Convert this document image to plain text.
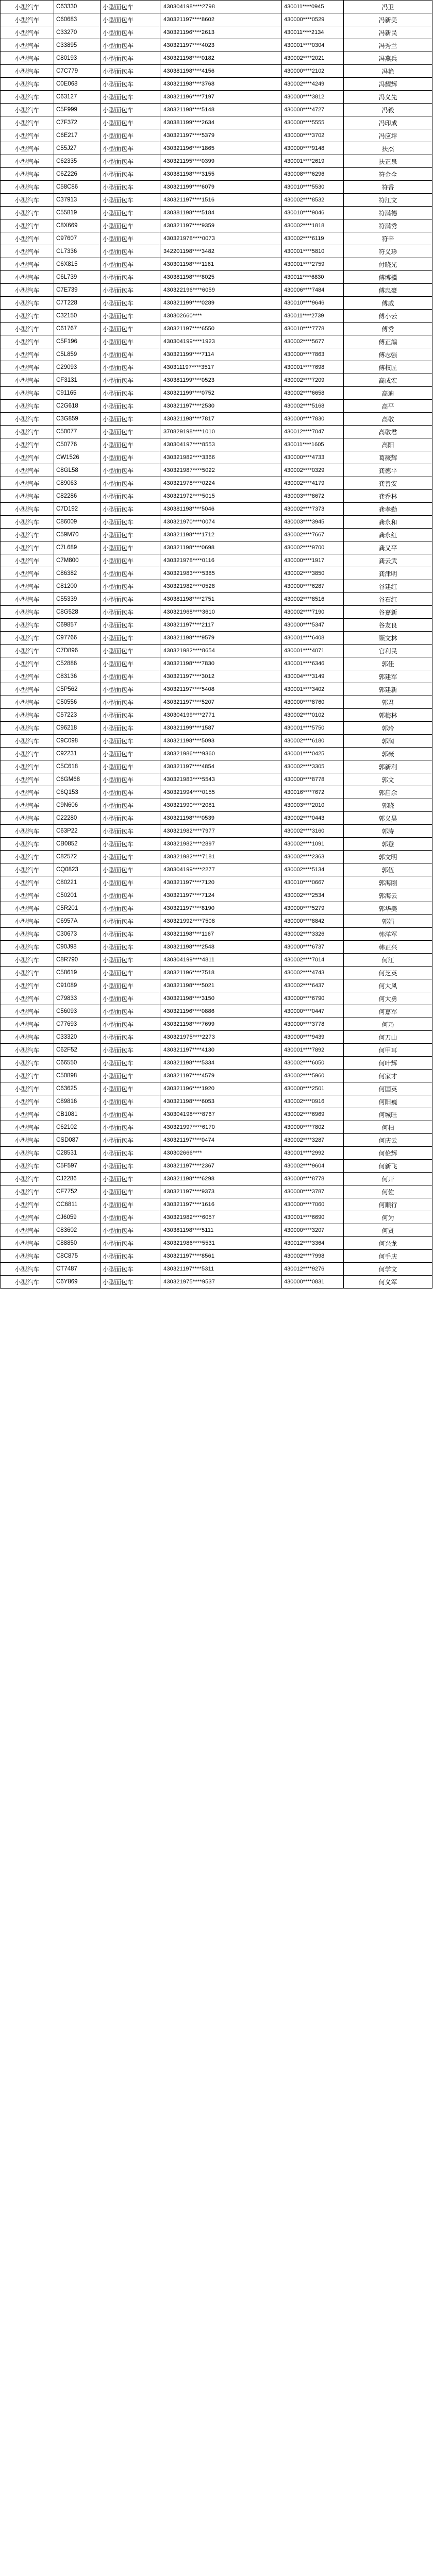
小型汽车	C63330	小型面包车	430304198****2798	430011****0945	冯卫
小型汽车	C60683	小型面包车	430321197****8602	430000****0529	冯新美
小型汽车	C33270	小型面包车	430321196****2613	430011****2134	冯新民
小型汽车	C33895	小型面包车	430321197****4023	430001****0304	冯秀兰
小型汽车	C80193	小型面包车	430321198****0182	430002****2021	冯燕兵
小型汽车	C7C779	小型面包车	430381198****4156	430000****2102	冯艳
小型汽车	C0E068	小型面包车	430321198****3768	430002****4249	冯耀辉
小型汽车	C63127	小型面包车	430321196****7197	430000****3812	冯义先
小型汽车	C5F999	小型面包车	430321198****5148	430000****4727	冯毅
小型汽车	C7F372	小型面包车	430381199****2634	430000****5555	冯印成
小型汽车	C6E217	小型面包车	430321197****5379	430000****3702	冯应坪
小型汽车	C55J27	小型面包车	430321196****1865	430000****9148	扶杰
小型汽车	C62335	小型面包车	430321195****0399	430001****2619	扶正泉
小型汽车	C6Z226	小型面包车	430381198****3155	430008****6296	符金全
小型汽车	C58C86	小型面包车	430321199****6079	430010****5530	符香
小型汽车	C37913	小型面包车	430321197****1516	430002****8532	符江文
小型汽车	C55819	小型面包车	430381198****5184	430010****9046	符满德
小型汽车	C8X669	小型面包车	430321197****9359	430002****1818	符满秀
小型汽车	C97607	小型面包车	430321978****0073	430002****6119	符辛
小型汽车	CL7336	小型面包车	342201198****3482	430001****5810	符义珍
小型汽车	C6X815	小型面包车	430301198****1161	430001****2759	付晓光
小型汽车	C6L739	小型面包车	430381198****8025	430011****6830	傅博骥
小型汽车	C7E739	小型面包车	430322196****6059	430006****7484	傅忠豪
小型汽车	C7T228	小型面包车	430321199****0289	430010****9646	傅威
小型汽车	C32150	小型面包车	430302660****	430011****2739	傅小云
小型汽车	C61767	小型面包车	430321197****6550	430010****7778	傅秀
小型汽车	C5F196	小型面包车	430304199****1923	430002****5677	傅正謆
小型汽车	C5L859	小型面包车	430321199****7114	430000****7863	傅志强
小型汽车	C29093	小型面包车	430311197****3517	430001****7698	傅权匠
小型汽车	CF3131	小型面包车	430381199****0523	430002****7209	高成宏
小型汽车	C91165	小型面包车	430321199****0752	430002****6658	高迪
小型汽车	C2G618	小型面包车	430321197****2530	430002****5168	高平
小型汽车	C3G859	小型面包车	430321198****7817	430000****7830	高敬
小型汽车	C50077	小型面包车	370829198****1010	430012****7047	高敬君
小型汽车	C50776	小型面包车	430304197****8553	430011****1605	高阳
小型汽车	CW1526	小型面包车	430321982****3366	430000****4733	葛薇辉
小型汽车	C8GL58	小型面包车	430321987****5022	430002****0329	龚德平
小型汽车	C89063	小型面包车	430321978****0224	430002****4179	龚善安
小型汽车	C82286	小型面包车	430321972****5015	430003****8672	龚乔林
小型汽车	C7D192	小型面包车	430381198****5046	430002****7373	龚孝勤
小型汽车	C86009	小型面包车	430321970****0074	430003****3945	龚永和
小型汽车	C59M70	小型面包车	430321198****1712	430002****7667	龚永红
小型汽车	C7L689	小型面包车	430321198****0698	430002****9700	龚又平
小型汽车	C7M800	小型面包车	430321978****0116	430000****1917	龚云武
小型汽车	C86382	小型面包车	430321983****5385	430002****3850	龚津明
小型汽车	C81200	小型面包车	430321982****0528	430000****6287	谷建红
小型汽车	C55339	小型面包车	430381198****2751	430002****8516	谷石红
小型汽车	C8G528	小型面包车	430321968****3610	430002****7190	谷嘉新
小型汽车	C69857	小型面包车	430321197****2117	430000****5347	谷友良
小型汽车	C97766	小型面包车	430321198****9579	430001****6408	顾文林
小型汽车	C7D896	小型面包车	430321982****8654	430001****4071	官利民
小型汽车	C52886	小型面包车	430321198****7830	430001****6346	郭佳
小型汽车	C83136	小型面包车	430321197****3012	430004****3149	郭建军
小型汽车	C5P562	小型面包车	430321197****5408	430001****3402	郭建新
小型汽车	C50556	小型面包车	430321197****5207	430000****8760	郭君
小型汽车	C57223	小型面包车	430304199****2771	430002****0102	郭梅林
小型汽车	C96218	小型面包车	430321199****1587	430001****5750	郭玲
小型汽车	C9C098	小型面包车	430321198****5093	430002****6180	郭润
小型汽车	C92231	小型面包车	430321986****9360	430001****0425	郭薇
小型汽车	C5C618	小型面包车	430321197****4854	430002****3305	郭新利
小型汽车	C6GM68	小型面包车	430321983****5543	430000****8778	郭文
小型汽车	C6Q153	小型面包车	430321994****0155	430016****7672	郭启余
小型汽车	C9N606	小型面包车	430321990****2081	430003****2010	郭晓
小型汽车	C22280	小型面包车	430321198****0539	430002****0443	郭义昊
小型汽车	C63P22	小型面包车	430321982****7977	430002****3160	郭涛
小型汽车	CB0852	小型面包车	430321982****2897	430002****1091	郭登
小型汽车	C82572	小型面包车	430321982****7181	430002****2363	郭文明
小型汽车	CQ0823	小型面包车	430304199****2277	430002****5134	郭伍
小型汽车	C80221	小型面包车	430321197****7120	430010****0667	郭海刚
小型汽车	C50201	小型面包车	430321197****7124	430002****2534	郭海云
小型汽车	C5R201	小型面包车	430321197****8190	430000****5279	郭华美
小型汽车	C6957A	小型面包车	430321992****7508	430000****8842	郭娟
小型汽车	C30673	小型面包车	430321198****1167	430002****3326	韩洋军
小型汽车	C90J98	小型面包车	430321198****2548	430000****6737	韩正兴
小型汽车	C8R790	小型面包车	430304199****4811	430002****7014	何江
小型汽车	C58619	小型面包车	430321196****7518	430002****4743	何芝英
小型汽车	C91089	小型面包车	430321198****5021	430002****6437	何大风
小型汽车	C79833	小型面包车	430321198****3150	430000****6790	何大勇
小型汽车	C56093	小型面包车	430321196****0886	430000****0447	何嘉军
小型汽车	C77693	小型面包车	430321198****7699	430000****3778	何乃
小型汽车	C33320	小型面包车	430321975****2273	430000****9439	何刀山
小型汽车	C62F52	小型面包车	430321197****4130	430001****7892	何甲耳
小型汽车	C66550	小型面包车	430321198****5334	430002****6050	何叶辉
小型汽车	C50898	小型面包车	430321197****4579	430002****5960	何家才
小型汽车	C63625	小型面包车	430321196****1920	430000****2501	何国英
小型汽车	C89816	小型面包车	430321198****6053	430002****0916	何阳巍
小型汽车	CB1081	小型面包车	430304198****8767	430002****6969	何城旺
小型汽车	C62102	小型面包车	430321997****6170	430000****7802	何柏
小型汽车	CSD087	小型面包车	430321197****0474	430002****3287	何庆云
小型汽车	C28531	小型面包车	430302666****	430001****2992	何伦辉
小型汽车	C5F597	小型面包车	430321197****2367	430002****9604	何新飞
小型汽车	CJ2286	小型面包车	430321198****6298	430000****8778	何开
小型汽车	CF7752	小型面包车	430321197****9373	430000****3787	何佐
小型汽车	CC6811	小型面包车	430321197****1616	430000****7060	何顺行
小型汽车	CJ6059	小型面包车	430321982****6057	430001****6690	何为
小型汽车	C83602	小型面包车	430381198****5111	430000****3207	何贤
小型汽车	C88850	小型面包车	430321986****5531	430012****3364	何兴龙
小型汽车	C8C875	小型面包车	430321197****8561	430002****7998	何手庆
小型汽车	CT7487	小型面包车	430321197****5311	430012****9276	何学文
小型汽车	C6Y869	小型面包车	430321975****9537	430000****0831	何义军
